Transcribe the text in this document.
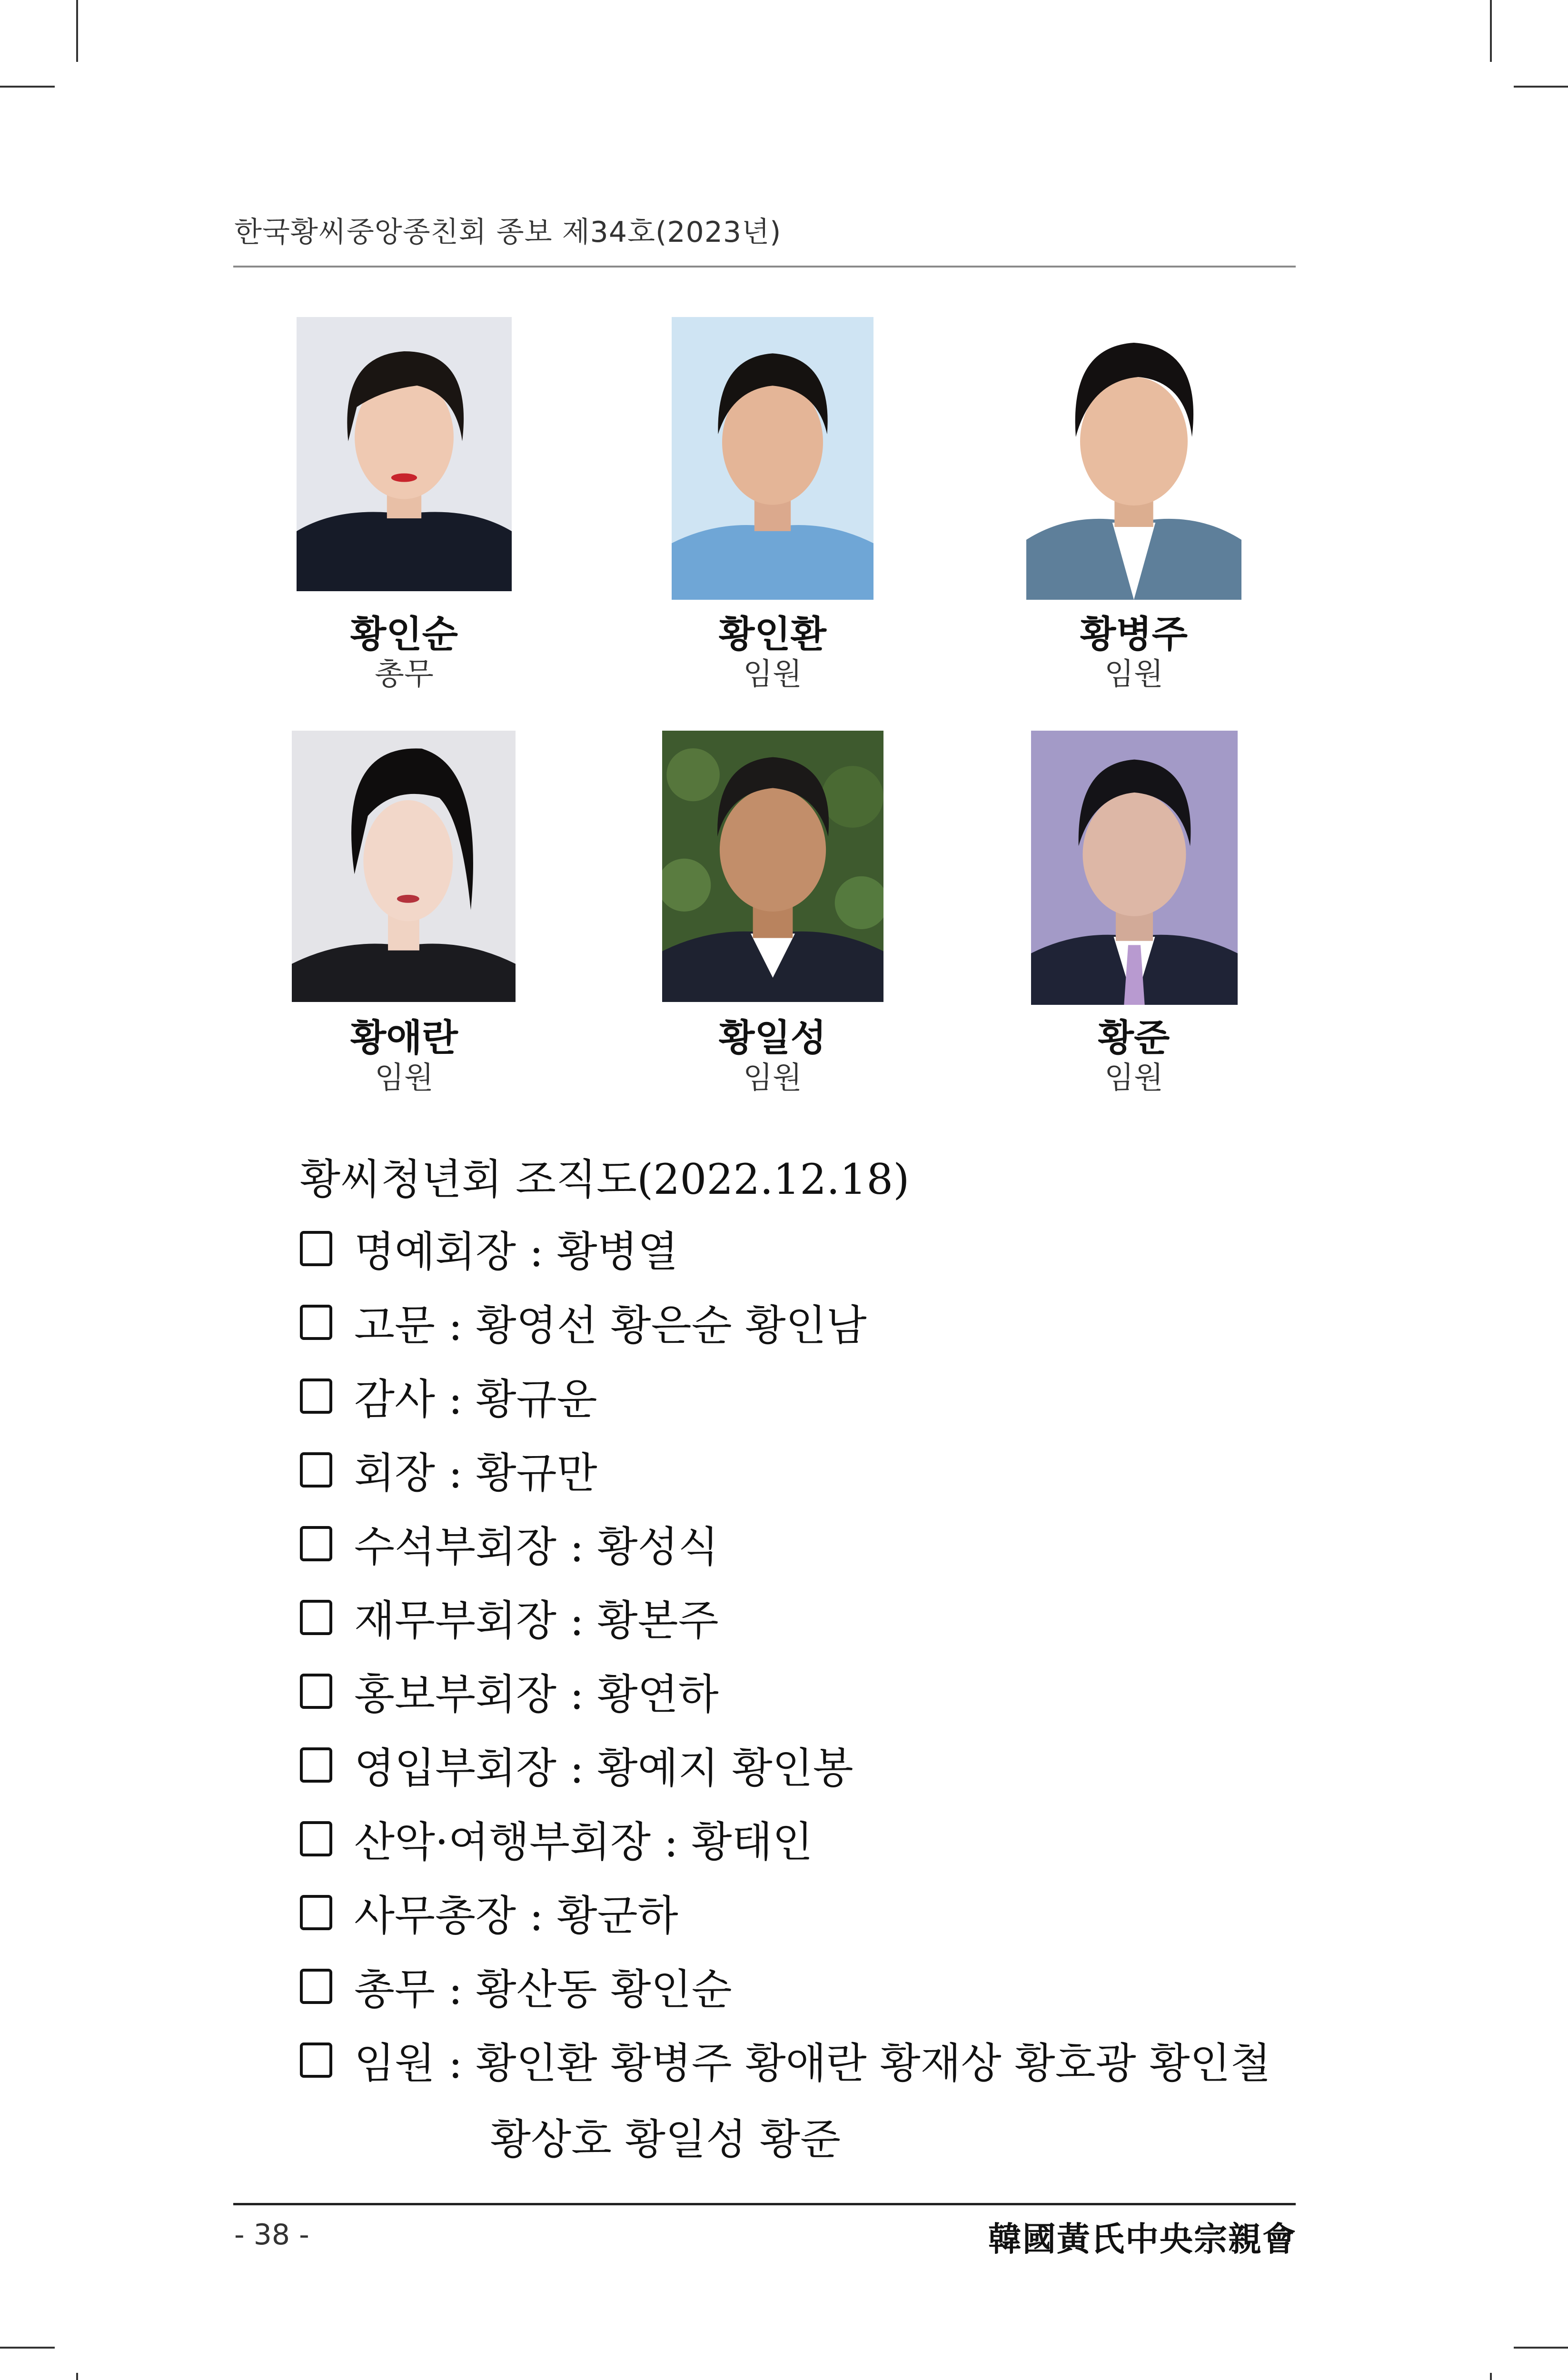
한국황씨중앙종친회 종보 제34호(2023년)
황인순
총무
황인환
임원
황병주
임원
황애란
임원
황일성
임원
황준
임원
황씨청년회 조직도(2022.12.18)
명예회장 : 황병열
고문 : 황영선 황은순 황인남
감사 : 황규운
회장 : 황규만
수석부회장 : 황성식
재무부회장 : 황본주
홍보부회장 : 황연하
영입부회장 : 황예지 황인봉
산악·여행부회장 : 황태인
사무총장 : 황군하
총무 : 황산동 황인순
임원 : 황인환 황병주 황애란 황재상 황호광 황인철
황상호 황일성 황준
- 38 -	韓國黃氏中央宗親會
